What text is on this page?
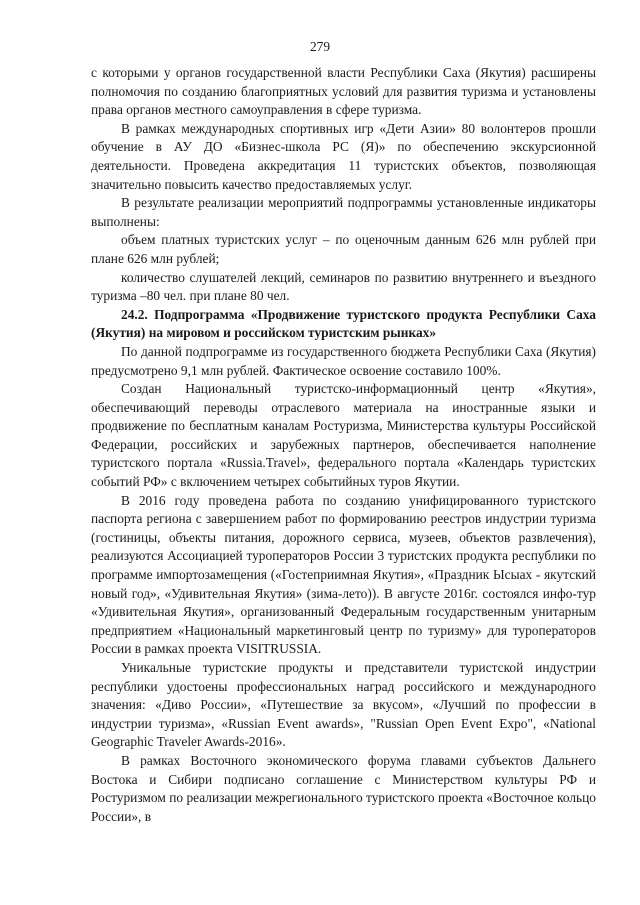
279

с которыми у органов государственной власти Республики Саха (Якутия) расширены полномочия по созданию благоприятных условий для развития туризма и установлены права органов местного самоуправления в сфере туризма.

В рамках международных спортивных игр «Дети Азии» 80 волонтеров прошли обучение в АУ ДО «Бизнес-школа РС (Я)» по обеспечению экскурсионной деятельности. Проведена аккредитация 11 туристских объектов, позволяющая значительно повысить качество предоставляемых услуг.

В результате реализации мероприятий подпрограммы установленные индикаторы выполнены:

объем платных туристских услуг – по оценочным данным 626 млн рублей при плане 626 млн рублей;

количество слушателей лекций, семинаров по развитию внутреннего и въездного туризма –80 чел. при плане 80 чел.

24.2. Подпрограмма «Продвижение туристского продукта Республики Саха (Якутия) на мировом и российском туристским рынках»

По данной подпрограмме из государственного бюджета Республики Саха (Якутия) предусмотрено 9,1 млн рублей. Фактическое освоение составило 100%.

Создан Национальный туристско-информационный центр «Якутия», обеспечивающий переводы отраслевого материала на иностранные языки и продвижение по бесплатным каналам Ростуризма, Министерства культуры Российской Федерации, российских и зарубежных партнеров, обеспечивается наполнение туристского портала «Russia.Travel», федерального портала «Календарь туристских событий РФ» с включением четырех событийных туров Якутии.

В 2016 году проведена работа по созданию унифицированного туристского паспорта региона с завершением работ по формированию реестров индустрии туризма (гостиницы, объекты питания, дорожного сервиса, музеев, объектов развлечения), реализуются Ассоциацией туроператоров России 3 туристских продукта республики по программе импортозамещения («Гостеприимная Якутия», «Праздник Ысыах - якутский новый год», «Удивительная Якутия» (зима-лето)). В августе 2016г. состоялся инфо-тур «Удивительная Якутия», организованный Федеральным государственным унитарным предприятием «Национальный маркетинговый центр по туризму» для туроператоров России в рамках проекта VISITRUSSIA.

Уникальные туристские продукты и представители туристской индустрии республики удостоены профессиональных наград российского и международного значения: «Диво России», «Путешествие за вкусом», «Лучший по профессии в индустрии туризма», «Russian Event awards», "Russian Open Event Expo", «National Geographic Traveler Awards-2016».

В рамках Восточного экономического форума главами субъектов Дальнего Востока и Сибири подписано соглашение с Министерством культуры РФ и Ростуризмом по реализации межрегионального туристского проекта «Восточное кольцо России», в
